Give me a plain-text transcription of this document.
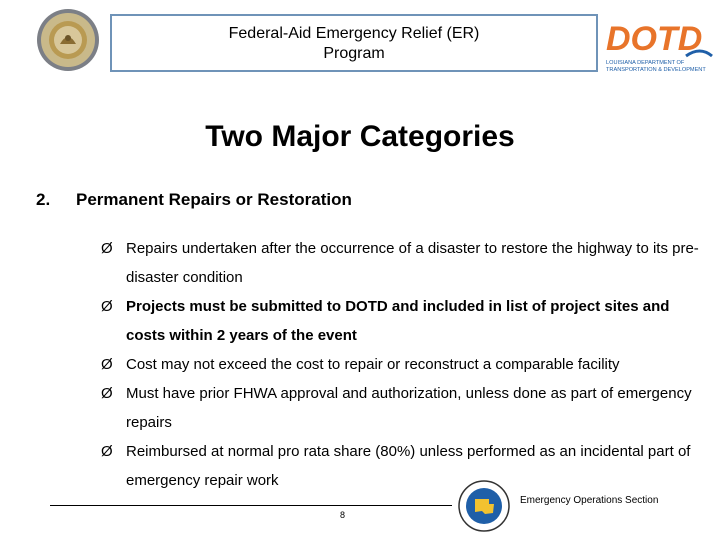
Federal-Aid Emergency Relief (ER)
Program	DOTD
LOUISIANA DEPARTMENT OF
TRANSPORTATION & DEVELOPMENT
Two Major Categories
2. Permanent Repairs or Restoration
Ø Repairs undertaken after the occurrence of a disaster to restore the highway to its pre-disaster condition
Ø Projects must be submitted to DOTD and included in list of project sites and costs within 2 years of the event
Ø Cost may not exceed the cost to repair or reconstruct a comparable facility
Ø Must have prior FHWA approval and authorization, unless done as part of emergency repairs
Ø Reimbursed at normal pro rata share (80%) unless performed as an incidental part of emergency repair work
8
Emergency Operations Section
